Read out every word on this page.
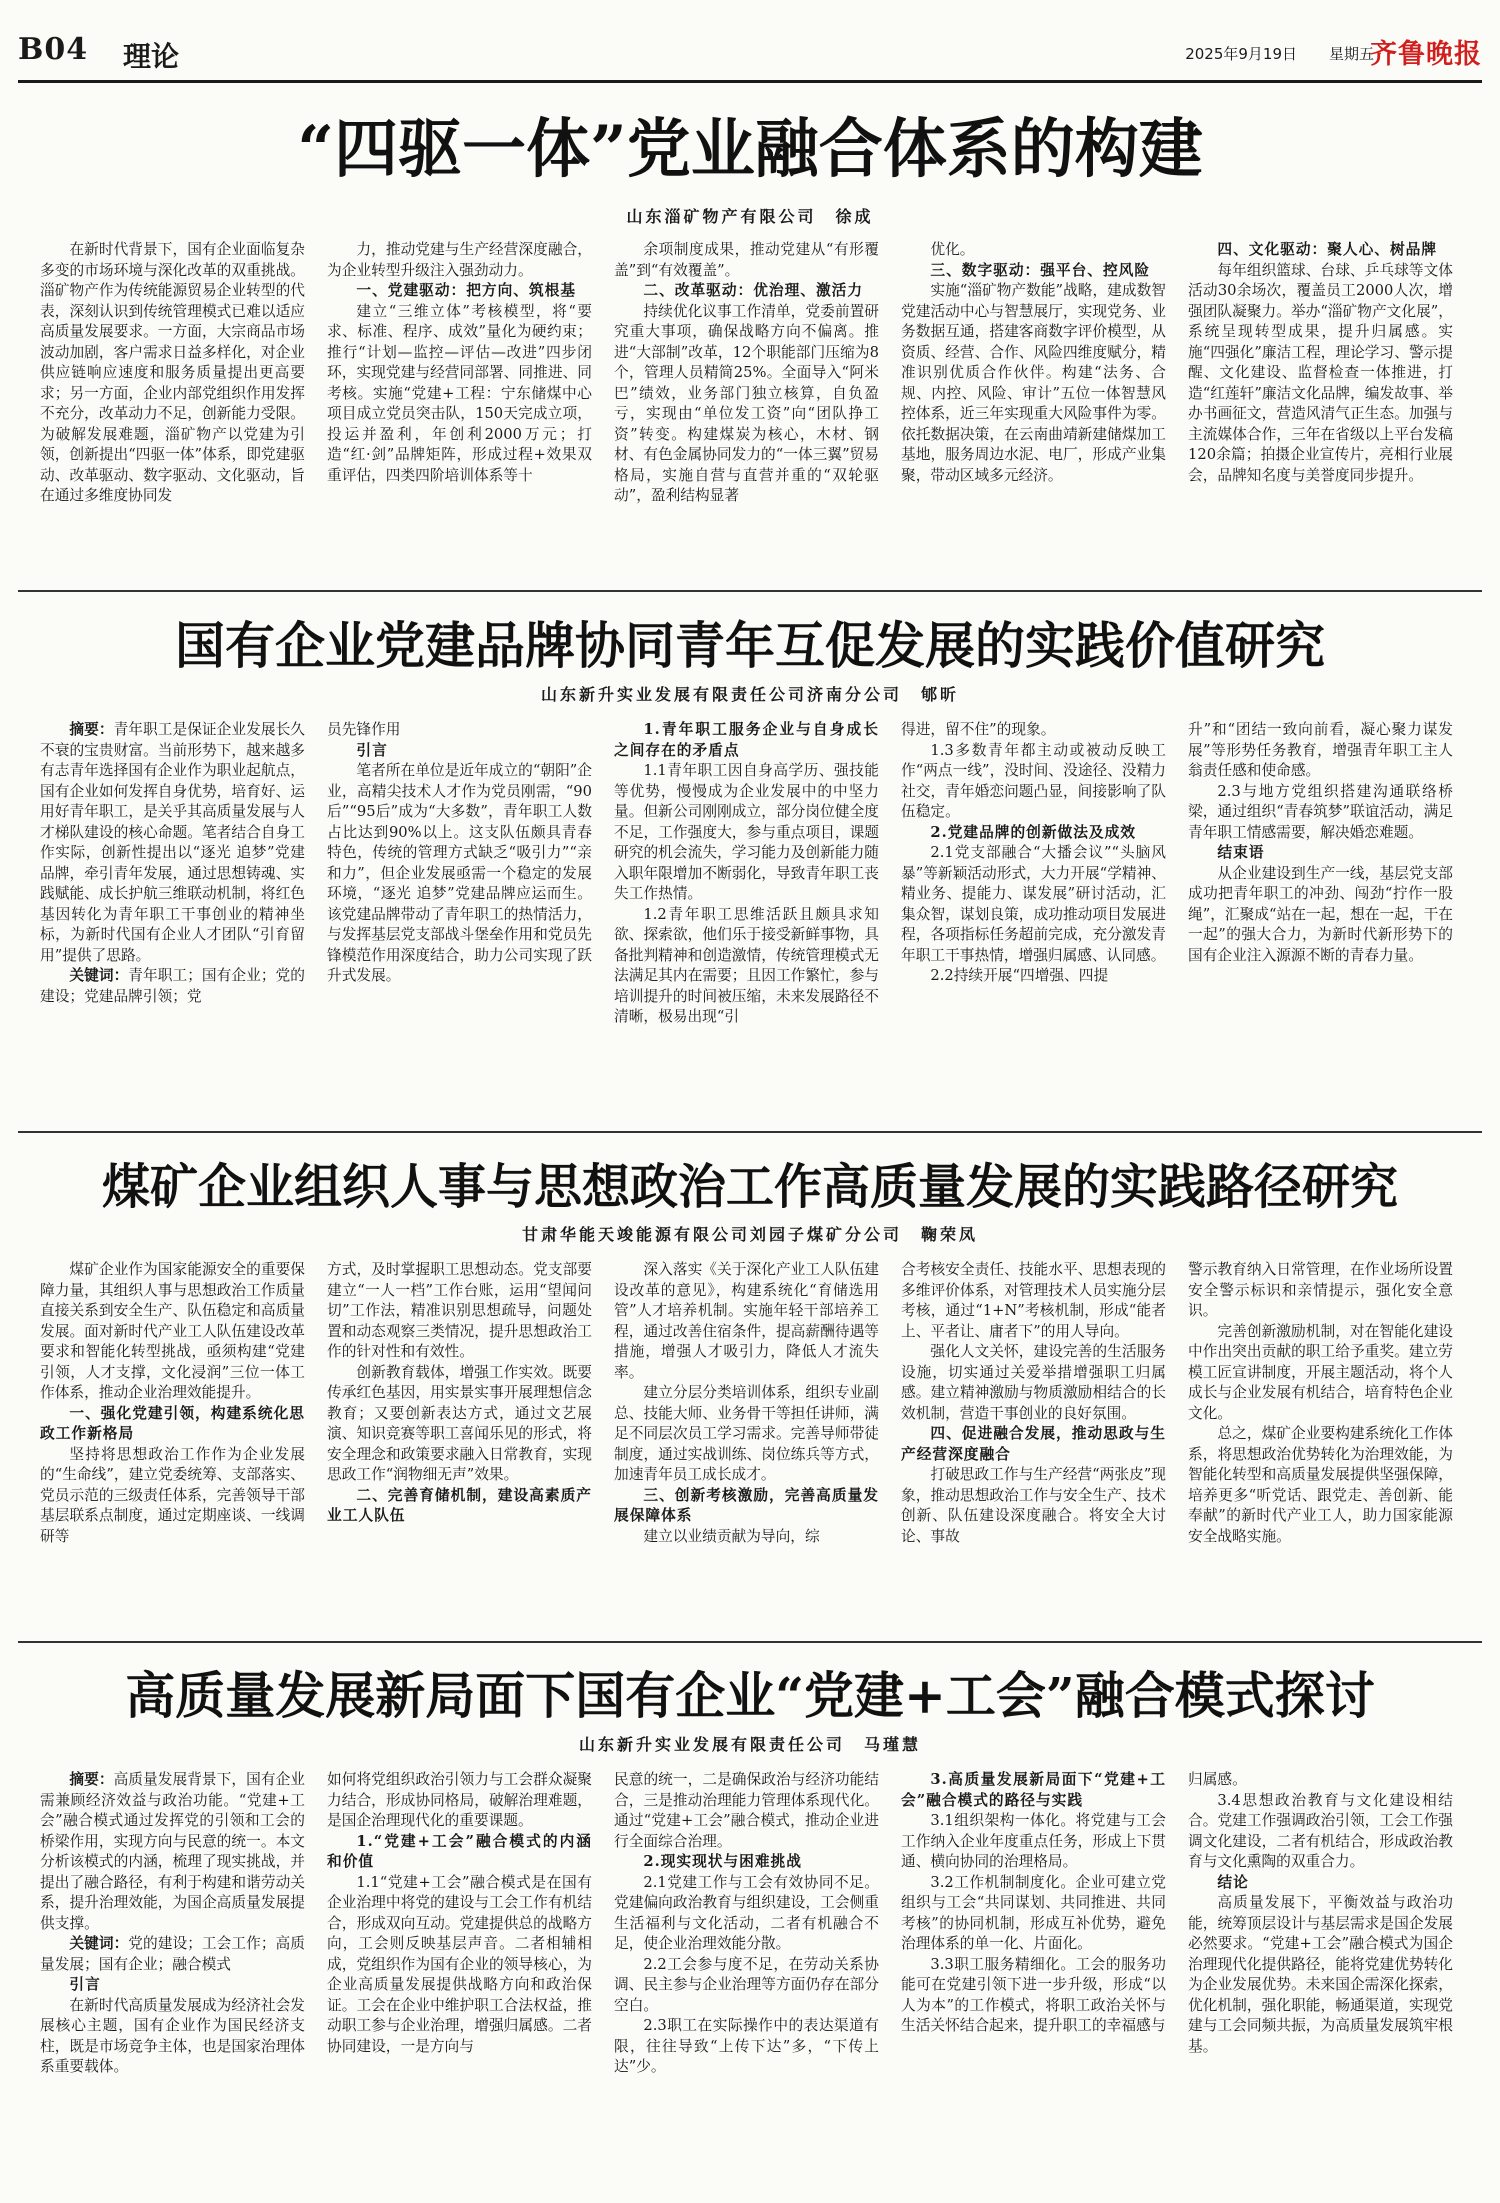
B04 理论	2025年9月19日 星期五
齐鲁晚报
“四驱一体”党业融合体系的构建
山东淄矿物产有限公司　徐成

在新时代背景下，国有企业面临复杂多变的市场环境与深化改革的双重挑战。淄矿物产作为传统能源贸易企业转型的代表，深刻认识到传统管理模式已难以适应高质量发展要求。一方面，大宗商品市场波动加剧，客户需求日益多样化，对企业供应链响应速度和服务质量提出更高要求；另一方面，企业内部党组织作用发挥不充分，改革动力不足，创新能力受限。为破解发展难题，淄矿物产以党建为引领，创新提出“四驱一体”体系，即党建驱动、改革驱动、数字驱动、文化驱动，旨在通过多维度协同发

力，推动党建与生产经营深度融合，为企业转型升级注入强劲动力。

一、党建驱动：把方向、筑根基

建立“三维立体”考核模型，将“要求、标准、程序、成效”量化为硬约束；推行“计划—监控—评估—改进”四步闭环，实现党建与经营同部署、同推进、同考核。实施“党建+工程：宁东储煤中心项目成立党员突击队，150天完成立项，投运并盈利，年创利2000万元；打造“红·剑”品牌矩阵，形成过程+效果双重评估，四类四阶培训体系等十

余项制度成果，推动党建从“有形覆盖”到“有效覆盖”。

二、改革驱动：优治理、激活力

持续优化议事工作清单，党委前置研究重大事项，确保战略方向不偏离。推进“大部制”改革，12个职能部门压缩为8个，管理人员精简25%。全面导入“阿米巴”绩效，业务部门独立核算，自负盈亏，实现由“单位发工资”向“团队挣工资”转变。构建煤炭为核心，木材、钢材、有色金属协同发力的“一体三翼”贸易格局，实施自营与直营并重的“双轮驱动”，盈利结构显著

优化。

三、数字驱动：强平台、控风险

实施“淄矿物产数能”战略，建成数智党建活动中心与智慧展厅，实现党务、业务数据互通，搭建客商数字评价模型，从资质、经营、合作、风险四维度赋分，精准识别优质合作伙伴。构建“法务、合规、内控、风险、审计”五位一体智慧风控体系，近三年实现重大风险事件为零。依托数据决策，在云南曲靖新建储煤加工基地，服务周边水泥、电厂，形成产业集聚，带动区域多元经济。

四、文化驱动：聚人心、树品牌

每年组织篮球、台球、乒乓球等文体活动30余场次，覆盖员工2000人次，增强团队凝聚力。举办“淄矿物产文化展”，系统呈现转型成果，提升归属感。实施“四强化”廉洁工程，理论学习、警示提醒、文化建设、监督检查一体推进，打造“红莲轩”廉洁文化品牌，编发故事、举办书画征文，营造风清气正生态。加强与主流媒体合作，三年在省级以上平台发稿120余篇；拍摄企业宣传片，亮相行业展会，品牌知名度与美誉度同步提升。

国有企业党建品牌协同青年互促发展的实践价值研究
山东新升实业发展有限责任公司济南分公司　郇昕

摘要：青年职工是保证企业发展长久不衰的宝贵财富。当前形势下，越来越多有志青年选择国有企业作为职业起航点，国有企业如何发挥自身优势，培育好、运用好青年职工，是关乎其高质量发展与人才梯队建设的核心命题。笔者结合自身工作实际，创新性提出以“逐光 追梦”党建品牌，牵引青年发展，通过思想铸魂、实践赋能、成长护航三维联动机制，将红色基因转化为青年职工干事创业的精神坐标，为新时代国有企业人才团队“引育留用”提供了思路。

关键词：青年职工；国有企业；党的建设；党建品牌引领；党

员先锋作用

引言

笔者所在单位是近年成立的“朝阳”企业，高精尖技术人才作为党员刚需，“90后”“95后”成为“大多数”，青年职工人数占比达到90%以上。这支队伍颇具青春特色，传统的管理方式缺乏“吸引力”“亲和力”，但企业发展亟需一个稳定的发展环境，“逐光 追梦”党建品牌应运而生。该党建品牌带动了青年职工的热情活力，与发挥基层党支部战斗堡垒作用和党员先锋模范作用深度结合，助力公司实现了跃升式发展。

1.青年职工服务企业与自身成长之间存在的矛盾点

1.1青年职工因自身高学历、强技能等优势，慢慢成为企业发展中的中坚力量。但新公司刚刚成立，部分岗位健全度不足，工作强度大，参与重点项目，课题研究的机会流失，学习能力及创新能力随入职年限增加不断弱化，导致青年职工丧失工作热情。

1.2青年职工思维活跃且颇具求知欲、探索欲，他们乐于接受新鲜事物，具备批判精神和创造激情，传统管理模式无法满足其内在需要；且因工作繁忙，参与培训提升的时间被压缩，未来发展路径不清晰，极易出现“引

得进，留不住”的现象。

1.3多数青年都主动或被动反映工作“两点一线”，没时间、没途径、没精力社交，青年婚恋问题凸显，间接影响了队伍稳定。

2.党建品牌的创新做法及成效

2.1党支部融合“大播会议”“头脑风暴”等新颖活动形式，大力开展“学精神、精业务、提能力、谋发展”研讨活动，汇集众智，谋划良策，成功推动项目发展进程，各项指标任务超前完成，充分激发青年职工干事热情，增强归属感、认同感。

2.2持续开展“四增强、四提

升”和“团结一致向前看，凝心聚力谋发展”等形势任务教育，增强青年职工主人翁责任感和使命感。

2.3与地方党组织搭建沟通联络桥梁，通过组织“青春筑梦”联谊活动，满足青年职工情感需要，解决婚恋难题。

结束语

从企业建设到生产一线，基层党支部成功把青年职工的冲劲、闯劲“拧作一股绳”，汇聚成“站在一起，想在一起，干在一起”的强大合力，为新时代新形势下的国有企业注入源源不断的青春力量。

煤矿企业组织人事与思想政治工作高质量发展的实践路径研究
甘肃华能天竣能源有限公司刘园子煤矿分公司　鞠荣凤

煤矿企业作为国家能源安全的重要保障力量，其组织人事与思想政治工作质量直接关系到安全生产、队伍稳定和高质量发展。面对新时代产业工人队伍建设改革要求和智能化转型挑战，亟须构建“党建引领，人才支撑，文化浸润”三位一体工作体系，推动企业治理效能提升。

一、强化党建引领，构建系统化思政工作新格局

坚持将思想政治工作作为企业发展的“生命线”，建立党委统筹、支部落实、党员示范的三级责任体系，完善领导干部基层联系点制度，通过定期座谈、一线调研等

方式，及时掌握职工思想动态。党支部要建立“一人一档”工作台账，运用“望闻问切”工作法，精准识别思想疏导，问题处置和动态观察三类情况，提升思想政治工作的针对性和有效性。

创新教育载体，增强工作实效。既要传承红色基因，用实景实事开展理想信念教育；又要创新表达方式，通过文艺展演、知识竞赛等职工喜闻乐见的形式，将安全理念和政策要求融入日常教育，实现思政工作“润物细无声”效果。

二、完善育储机制，建设高素质产业工人队伍

深入落实《关于深化产业工人队伍建设改革的意见》，构建系统化“育储选用管”人才培养机制。实施年轻干部培养工程，通过改善住宿条件，提高薪酬待遇等措施，增强人才吸引力，降低人才流失率。

建立分层分类培训体系，组织专业副总、技能大师、业务骨干等担任讲师，满足不同层次员工学习需求。完善导师带徒制度，通过实战训练、岗位练兵等方式，加速青年员工成长成才。

三、创新考核激励，完善高质量发展保障体系

建立以业绩贡献为导向，综

合考核安全责任、技能水平、思想表现的多维评价体系，对管理技术人员实施分层考核，通过“1+N”考核机制，形成“能者上、平者让、庸者下”的用人导向。

强化人文关怀，建设完善的生活服务设施，切实通过关爱举措增强职工归属感。建立精神激励与物质激励相结合的长效机制，营造干事创业的良好氛围。

四、促进融合发展，推动思政与生产经营深度融合

打破思政工作与生产经营“两张皮”现象，推动思想政治工作与安全生产、技术创新、队伍建设深度融合。将安全大讨论、事故

警示教育纳入日常管理，在作业场所设置安全警示标识和亲情提示，强化安全意识。

完善创新激励机制，对在智能化建设中作出突出贡献的职工给予重奖。建立劳模工匠宣讲制度，开展主题活动，将个人成长与企业发展有机结合，培育特色企业文化。

总之，煤矿企业要构建系统化工作体系，将思想政治优势转化为治理效能，为智能化转型和高质量发展提供坚强保障，培养更多“听党话、跟党走、善创新、能奉献”的新时代产业工人，助力国家能源安全战略实施。

高质量发展新局面下国有企业“党建+工会”融合模式探讨
山东新升实业发展有限责任公司　马瑾慧

摘要：高质量发展背景下，国有企业需兼顾经济效益与政治功能。“党建+工会”融合模式通过发挥党的引领和工会的桥梁作用，实现方向与民意的统一。本文分析该模式的内涵，梳理了现实挑战，并提出了融合路径，有利于构建和谐劳动关系，提升治理效能，为国企高质量发展提供支撑。

关键词：党的建设；工会工作；高质量发展；国有企业；融合模式

引言

在新时代高质量发展成为经济社会发展核心主题，国有企业作为国民经济支柱，既是市场竞争主体，也是国家治理体系重要载体。

如何将党组织政治引领力与工会群众凝聚力结合，形成协同格局，破解治理难题，是国企治理现代化的重要课题。

1.“党建+工会”融合模式的内涵和价值

1.1“党建+工会”融合模式是在国有企业治理中将党的建设与工会工作有机结合，形成双向互动。党建提供总的战略方向，工会则反映基层声音。二者相辅相成，党组织作为国有企业的领导核心，为企业高质量发展提供战略方向和政治保证。工会在企业中维护职工合法权益，推动职工参与企业治理，增强归属感。二者协同建设，一是方向与

民意的统一，二是确保政治与经济功能结合，三是推动治理能力管理体系现代化。通过“党建+工会”融合模式，推动企业进行全面综合治理。

2.现实现状与困难挑战

2.1党建工作与工会有效协同不足。党建偏向政治教育与组织建设，工会侧重生活福利与文化活动，二者有机融合不足，使企业治理效能分散。

2.2工会参与度不足，在劳动关系协调、民主参与企业治理等方面仍存在部分空白。

2.3职工在实际操作中的表达渠道有限，往往导致“上传下达”多，“下传上达”少。

3.高质量发展新局面下“党建+工会”融合模式的路径与实践

3.1组织架构一体化。将党建与工会工作纳入企业年度重点任务，形成上下贯通、横向协同的治理格局。

3.2工作机制制度化。企业可建立党组织与工会“共同谋划、共同推进、共同考核”的协同机制，形成互补优势，避免治理体系的单一化、片面化。

3.3职工服务精细化。工会的服务功能可在党建引领下进一步升级，形成“以人为本”的工作模式，将职工政治关怀与生活关怀结合起来，提升职工的幸福感与

归属感。

3.4思想政治教育与文化建设相结合。党建工作强调政治引领，工会工作强调文化建设，二者有机结合，形成政治教育与文化熏陶的双重合力。

结论

高质量发展下，平衡效益与政治功能，统筹顶层设计与基层需求是国企发展必然要求。“党建+工会”融合模式为国企治理现代化提供路径，能将党建优势转化为企业发展优势。未来国企需深化探索，优化机制，强化职能，畅通渠道，实现党建与工会同频共振，为高质量发展筑牢根基。
